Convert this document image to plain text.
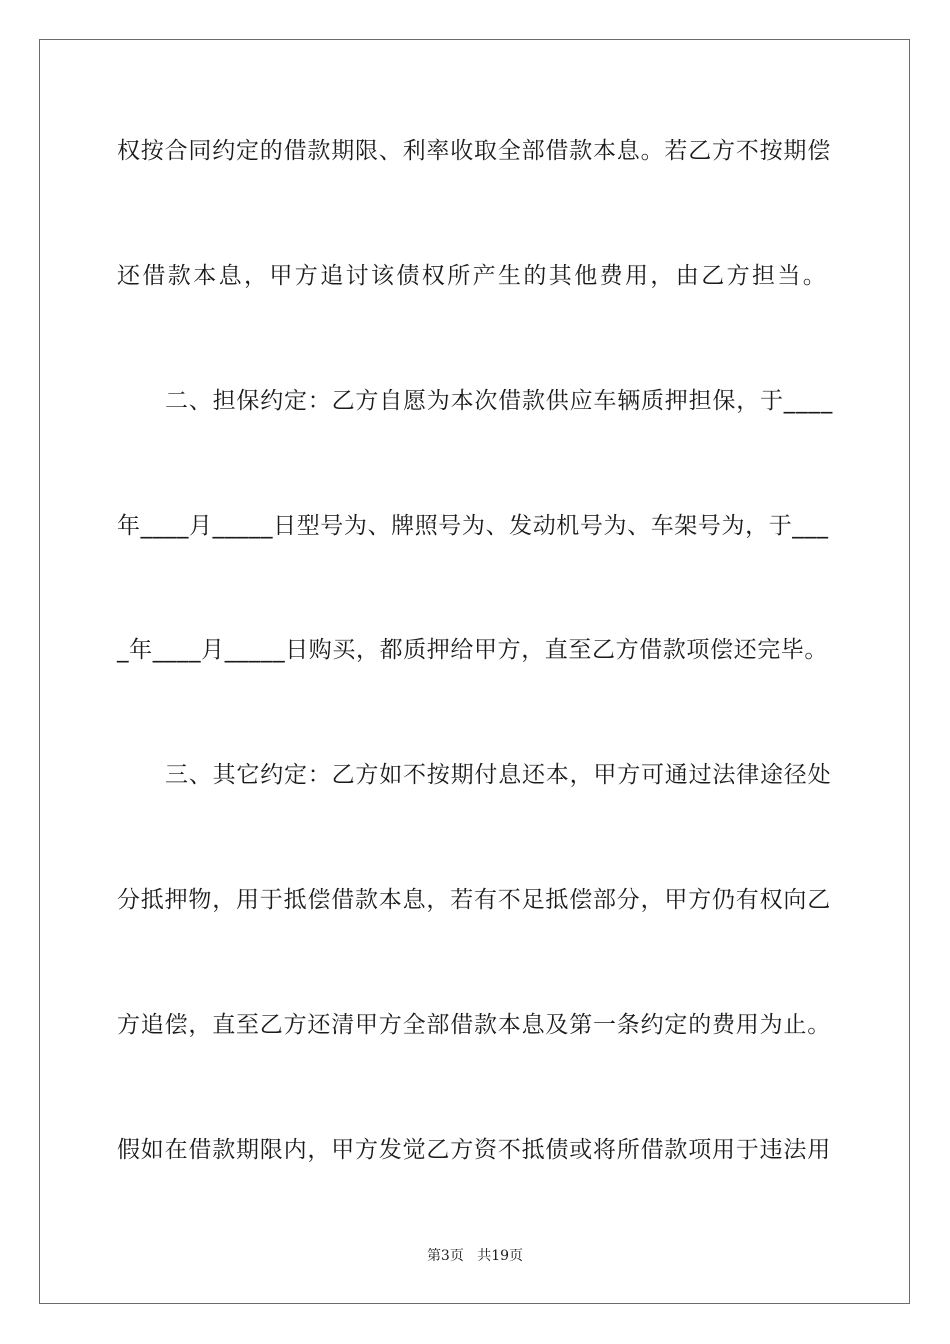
权按合同约定的借款期限、利率收取全部借款本息。若乙方不按期偿
还借款本息，甲方追讨该债权所产生的其他费用，由乙方担当。
二、担保约定：乙方自愿为本次借款供应车辆质押担保，于____
年____月_____日型号为、牌照号为、发动机号为、车架号为，于___
_年____月_____日购买，都质押给甲方，直至乙方借款项偿还完毕。
三、其它约定：乙方如不按期付息还本，甲方可通过法律途径处
分抵押物，用于抵偿借款本息，若有不足抵偿部分，甲方仍有权向乙
方追偿，直至乙方还清甲方全部借款本息及第一条约定的费用为止。
假如在借款期限内，甲方发觉乙方资不抵债或将所借款项用于违法用
第3页 共19页
